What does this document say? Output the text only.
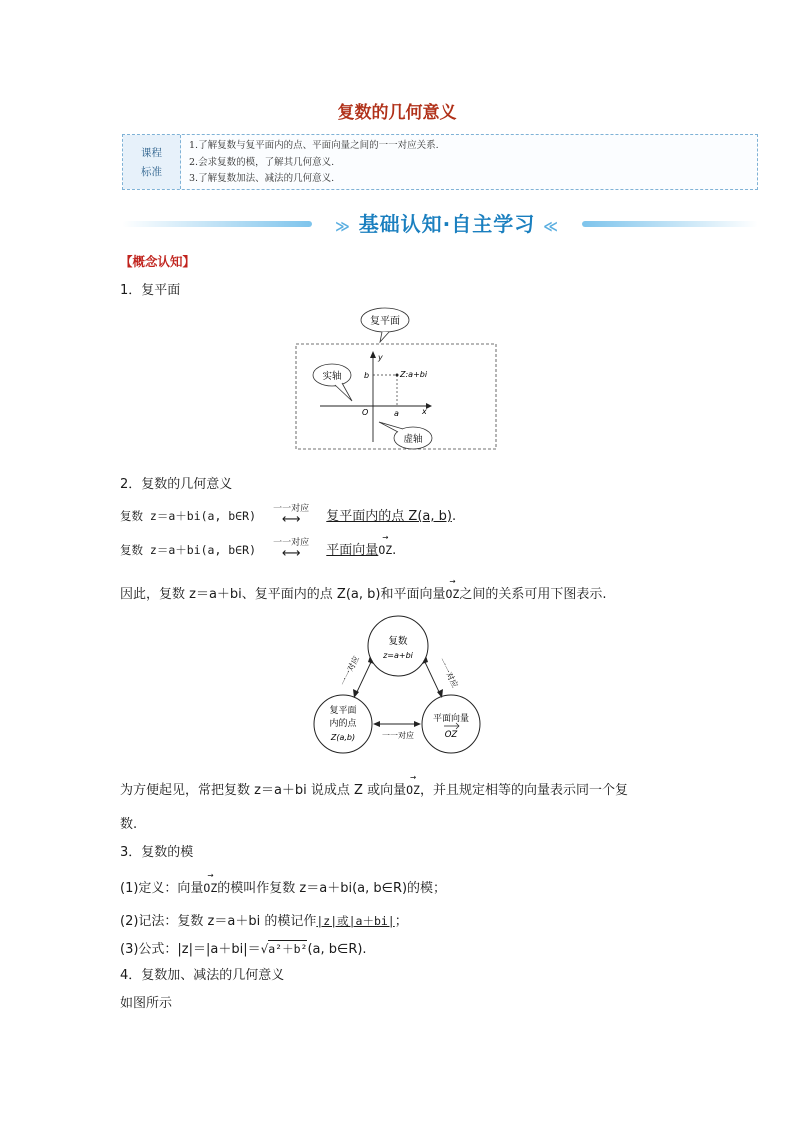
复数的几何意义
课程
标准
1.了解复数与复平面内的点、平面向量之间的一一对应关系.
2.会求复数的模，了解其几何意义.
3.了解复数加法、减法的几何意义.
≫ 基础认知·自主学习 ≪
【概念认知】
1．复平面
复平面
y
x
O
b
a
Z:a+bi
实轴
虚轴
2．复数的几何意义
复数 z＝a＋bi(a, b∈R)
一一对应
⟷	复平面内的点 Z(a, b).
复数 z＝a＋bi(a, b∈R)
一一对应
⟷	平面向量→ OZ.
因此，复数 z＝a＋bi、复平面内的点 Z(a, b)和平面向量→ OZ之间的关系可用下图表示.
复数
z=a+bi
复平面
内的点
Z(a,b)
平面向量
OZ
一一对应	一一对应
一一对应
为方便起见，常把复数 z＝a＋bi 说成点 Z 或向量→ OZ，并且规定相等的向量表示同一个复
数.
3．复数的模
(1)定义：向量→ OZ的模叫作复数 z＝a＋bi(a, b∈R)的模；
(2)记法：复数 z＝a＋bi 的模记作|z|或|a＋bi|；
(3)公式：|z|＝|a＋bi|＝√a²＋b²(a, b∈R).
4．复数加、减法的几何意义
如图所示
